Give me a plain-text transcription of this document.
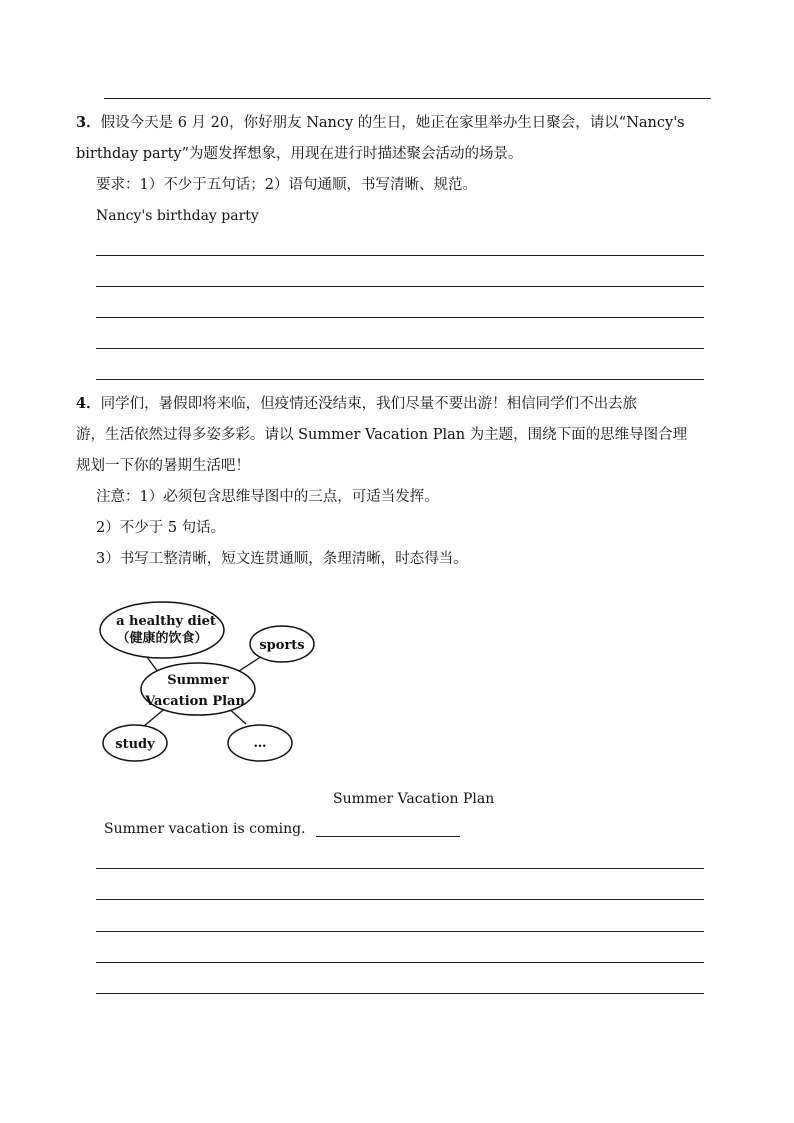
3．假设今天是 6 月 20，你好朋友 Nancy 的生日，她正在家里举办生日聚会，请以“Nancy's
birthday party”为题发挥想象，用现在进行时描述聚会活动的场景。
要求：1）不少于五句话；2）语句通顺，书写清晰、规范。
Nancy's birthday party
4．同学们，暑假即将来临，但疫情还没结束，我们尽量不要出游！相信同学们不出去旅
游，生活依然过得多姿多彩。请以 Summer Vacation Plan 为主题，围绕下面的思维导图合理
规划一下你的暑期生活吧！
注意：1）必须包含思维导图中的三点，可适当发挥。
2）不少于 5 句话。
3）书写工整清晰，短文连贯通顺，条理清晰，时态得当。
a healthy diet
（健康的饮食）	sports
Summer
Vacation Plan
study	…
Summer Vacation Plan
Summer vacation is coming.
